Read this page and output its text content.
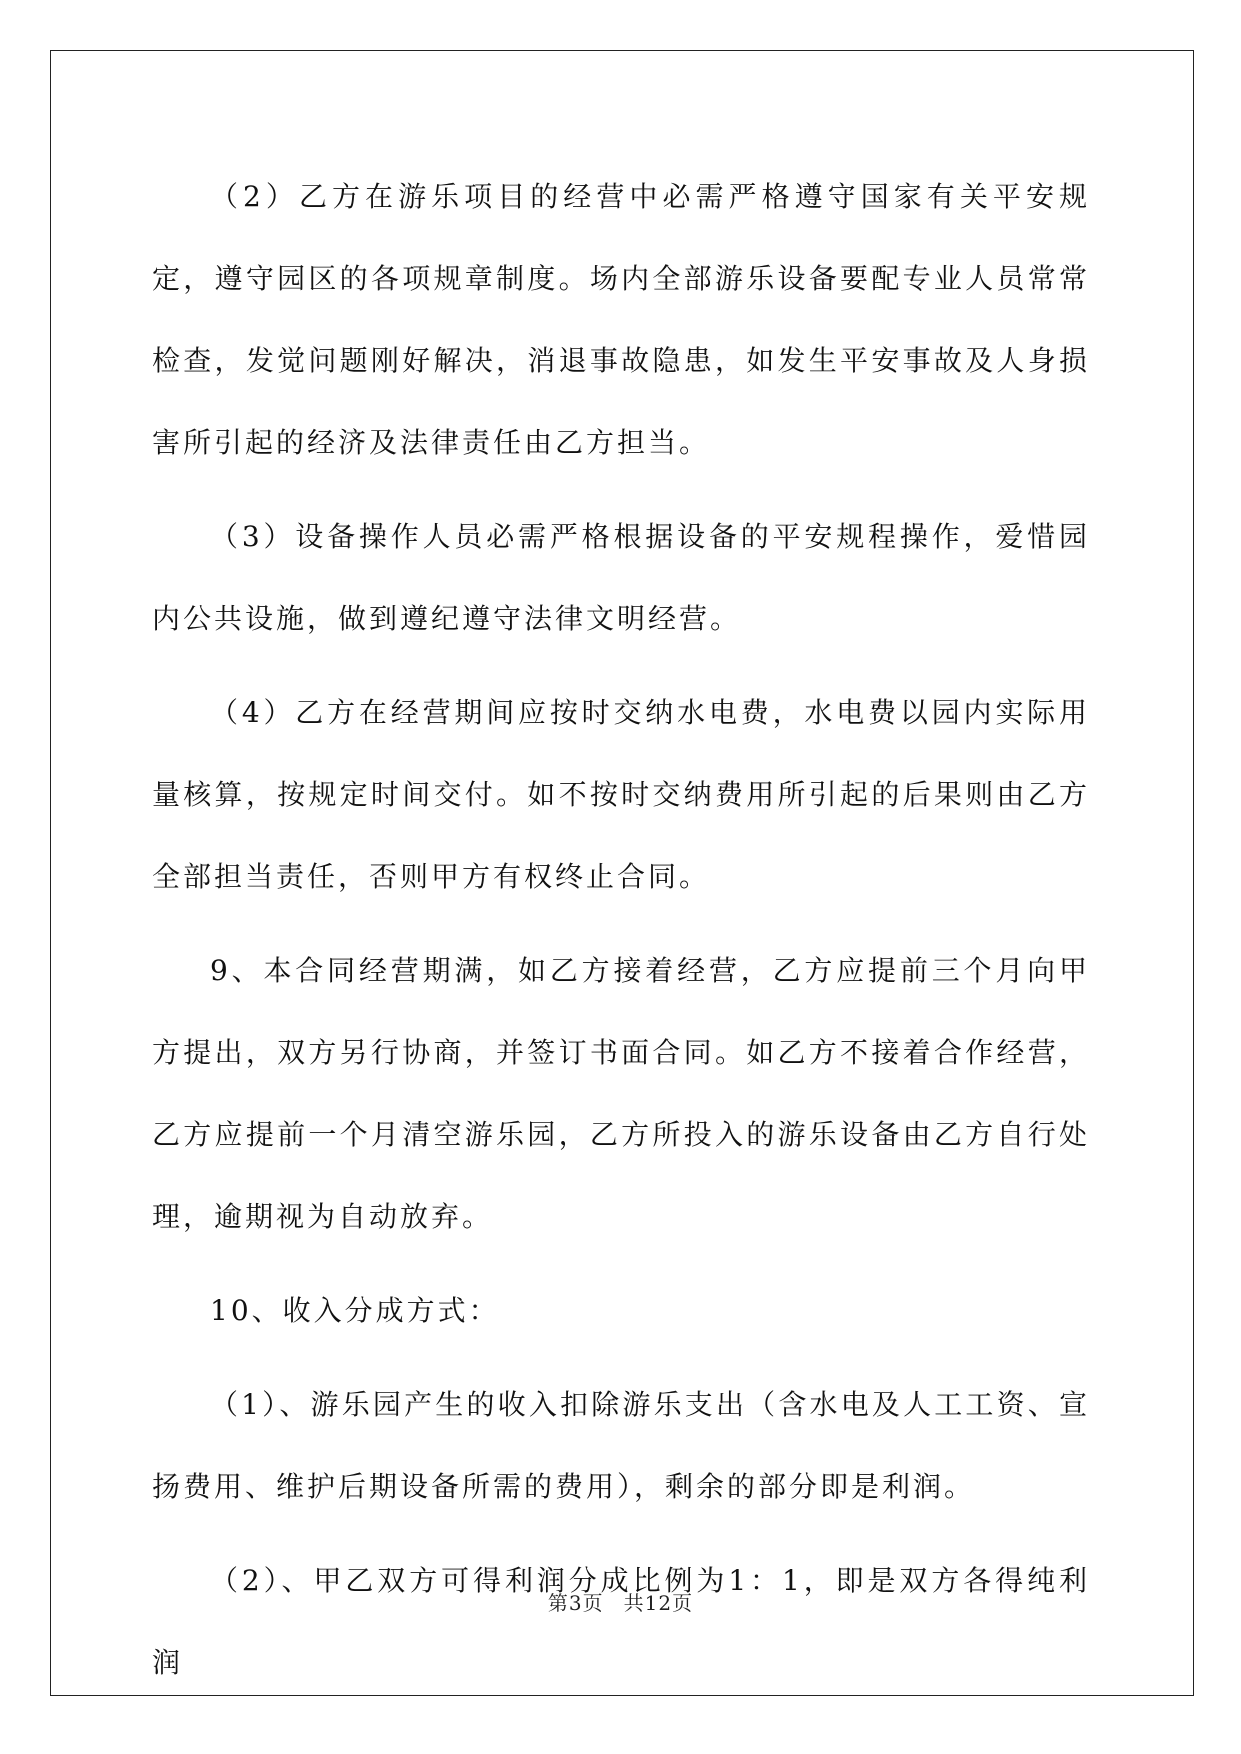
（2）乙方在游乐项目的经营中必需严格遵守国家有关平安规定，遵守园区的各项规章制度。场内全部游乐设备要配专业人员常常检查，发觉问题刚好解决，消退事故隐患，如发生平安事故及人身损害所引起的经济及法律责任由乙方担当。

（3）设备操作人员必需严格根据设备的平安规程操作，爱惜园内公共设施，做到遵纪遵守法律文明经营。

（4）乙方在经营期间应按时交纳水电费，水电费以园内实际用量核算，按规定时间交付。如不按时交纳费用所引起的后果则由乙方全部担当责任，否则甲方有权终止合同。

9、本合同经营期满，如乙方接着经营，乙方应提前三个月向甲方提出，双方另行协商，并签订书面合同。如乙方不接着合作经营，乙方应提前一个月清空游乐园，乙方所投入的游乐设备由乙方自行处理，逾期视为自动放弃。

10、收入分成方式：

（1）、游乐园产生的收入扣除游乐支出（含水电及人工工资、宣扬费用、维护后期设备所需的费用），剩余的部分即是利润。

（2）、甲乙双方可得利润分成比例为1：1，即是双方各得纯利润

第3页 共12页
